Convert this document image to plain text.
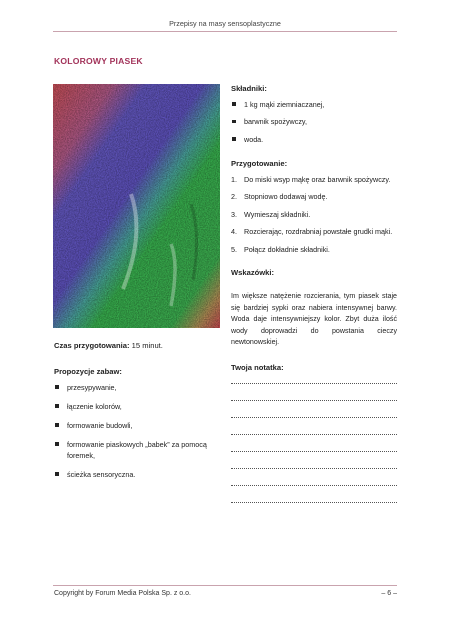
Przepisy na masy sensoplastyczne
KOLOROWY PIASEK
Czas przygotowania: 15 minut.
Propozycje zabaw:
przesypywanie,
łączenie kolorów,
formowanie budowli,
formowanie piaskowych „babek” za pomocą foremek,
ścieżka sensoryczna.
Składniki:
1 kg mąki ziemniaczanej,
barwnik spożywczy,
woda.
Przygotowanie:
1. Do miski wsyp mąkę oraz barwnik spożywczy.
2. Stopniowo dodawaj wodę.
3. Wymieszaj składniki.
4. Rozcierając, rozdrabniaj powstałe grudki mąki.
5. Połącz dokładnie składniki.
Wskazówki:
Im większe natężenie rozcierania, tym piasek staje się bardziej sypki oraz nabiera intensywnej barwy. Woda daje intensywniejszy kolor. Zbyt duża ilość wody doprowadzi do powstania cieczy newtonowskiej.
Twoja notatka:
Copyright by Forum Media Polska Sp. z o.o.	– 6 –
